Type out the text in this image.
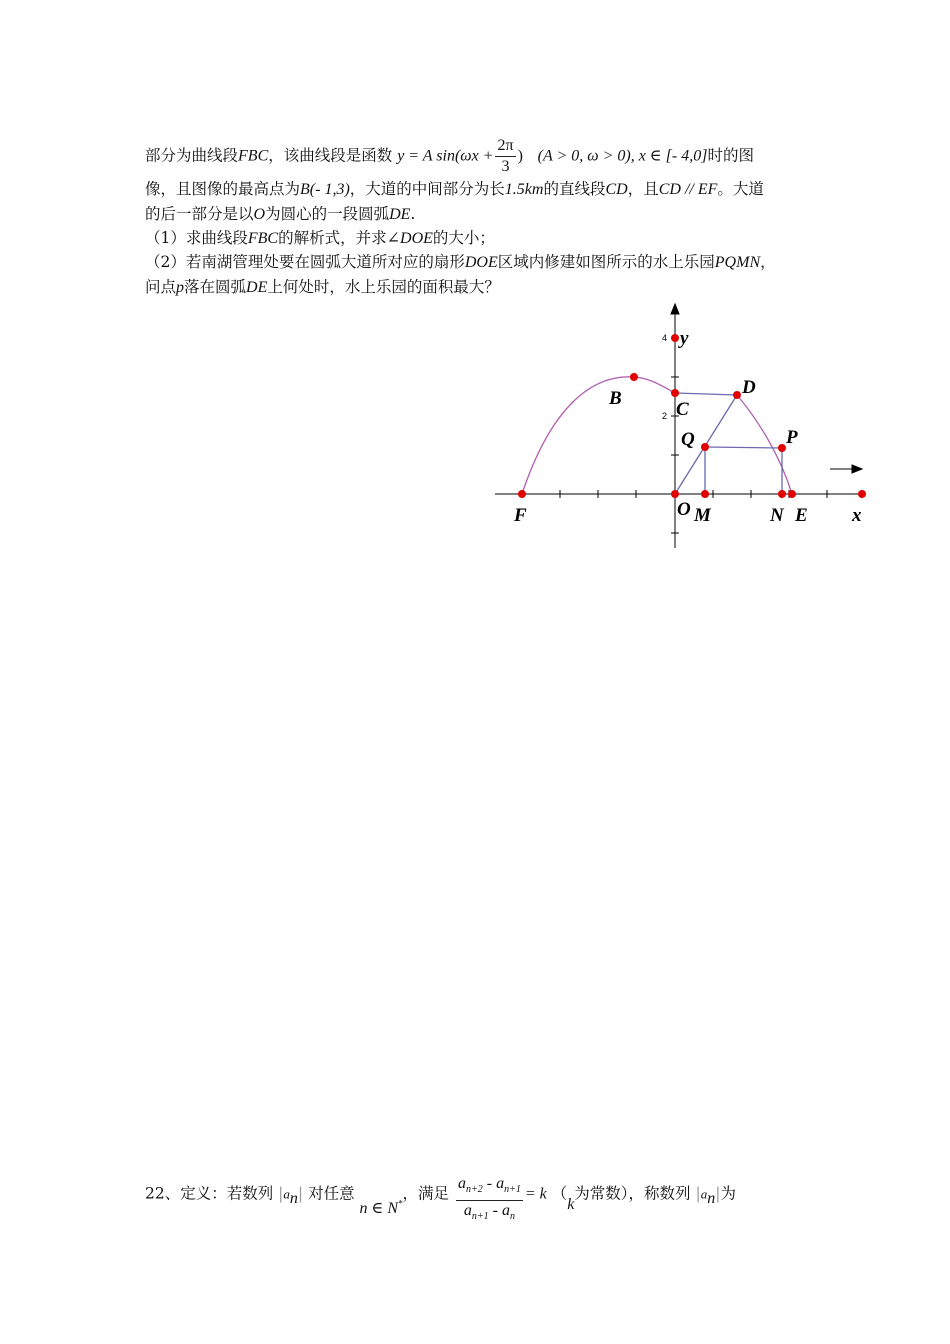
部分为曲线段FBC，该曲线段是函数 y = A $\sin(\omega x + \frac{2\pi}{3}$ ) (A > 0, ω > 0), x ∈ [- 4,0]时的图
像，且图像的最高点为B(- 1,3)，大道的中间部分为长1.5km的直线段CD，且CD // EF。大道
的后一部分是以O为圆心的一段圆弧DE.
（1）求曲线段FBC的解析式，并求∠DOE的大小；
（2）若南湖管理处要在圆弧大道所对应的扇形DOE区域内修建如图所示的水上乐园PQMN，
问点p落在圆弧DE上何处时，水上乐园的面积最大？
y
B
C
D
Q	P
F	O M	N E x
4
2
22、定义：若数列 $|a_n|$ 对任意 n ∈ N*，满足 $\frac{a_{n+2} - a_{n+1}}{a_{n+1} - a_n} = k$ （k为常数），称数列 $|a_n|$为
